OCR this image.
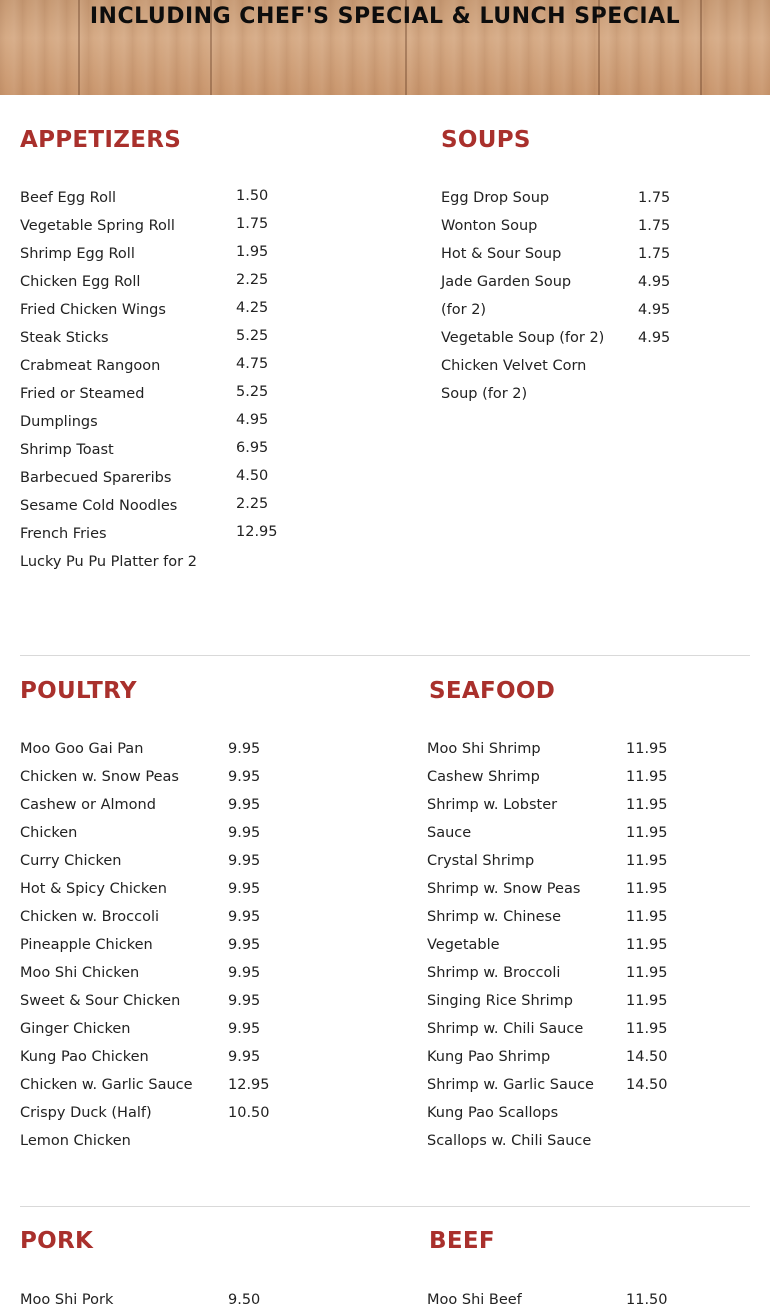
INCLUDING CHEF'S SPECIAL & LUNCH SPECIAL
APPETIZERS
Beef Egg Roll
Vegetable Spring Roll
Shrimp Egg Roll
Chicken Egg Roll
Fried Chicken Wings
Steak Sticks
Crabmeat Rangoon
Fried or Steamed
Dumplings
Shrimp Toast
Barbecued Spareribs
Sesame Cold Noodles
French Fries
Lucky Pu Pu Platter for 2
1.50
1.75
1.95
2.25
4.25
5.25
4.75
5.25
4.95
6.95
4.50
2.25
12.95
SOUPS
Egg Drop Soup
Wonton Soup
Hot & Sour Soup
Jade Garden Soup
(for 2)
Vegetable Soup (for 2)
Chicken Velvet Corn
Soup (for 2)
1.75
1.75
1.75
4.95
4.95
4.95
POULTRY
Moo Goo Gai Pan
Chicken w. Snow Peas
Cashew or Almond
Chicken
Curry Chicken
Hot & Spicy Chicken
Chicken w. Broccoli
Pineapple Chicken
Moo Shi Chicken
Sweet & Sour Chicken
Ginger Chicken
Kung Pao Chicken
Chicken w. Garlic Sauce
Crispy Duck (Half)
Lemon Chicken
9.95
9.95
9.95
9.95
9.95
9.95
9.95
9.95
9.95
9.95
9.95
9.95
12.95
10.50
SEAFOOD
Moo Shi Shrimp
Cashew Shrimp
Shrimp w. Lobster
Sauce
Crystal Shrimp
Shrimp w. Snow Peas
Shrimp w. Chinese
Vegetable
Shrimp w. Broccoli
Singing Rice Shrimp
Shrimp w. Chili Sauce
Kung Pao Shrimp
Shrimp w. Garlic Sauce
Kung Pao Scallops
Scallops w. Chili Sauce
11.95
11.95
11.95
11.95
11.95
11.95
11.95
11.95
11.95
11.95
11.95
14.50
14.50
PORK
Moo Shi Pork	9.50
BEEF
Moo Shi Beef	11.50
